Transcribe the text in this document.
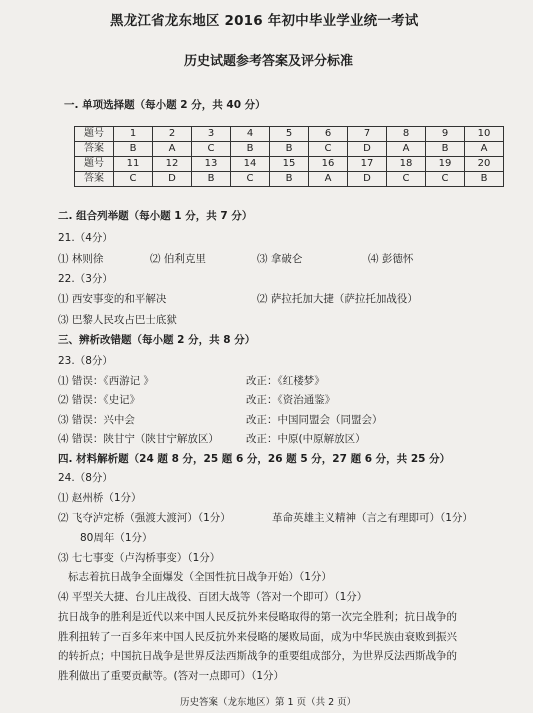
黑龙江省龙东地区 2016 年初中毕业学业统一考试
历史试题参考答案及评分标准
一. 单项选择题（每小题 2 分，共 40 分）
题号	1	2	3	4	5	6	7	8	9	10
答案	B	A	C	B	B	C	D	A	B	A
题号	11	12	13	14	15	16	17	18	19	20
答案	C	D	B	C	B	A	D	C	C	B
二. 组合列举题（每小题 1 分，共 7 分）
21.（4分）
⑴ 林则徐	⑵ 伯利克里	⑶ 拿破仑	⑷ 彭德怀
22.（3分）
⑴ 西安事变的和平解决	⑵ 萨拉托加大捷（萨拉托加战役）
⑶ 巴黎人民攻占巴士底狱
三、辨析改错题（每小题 2 分，共 8 分）
23.（8分）
⑴ 错误：《西游记 》	改正：《红楼梦》
⑵ 错误：《史记》	改正：《资治通鉴》
⑶ 错误：兴中会	改正：中国同盟会（同盟会）
⑷ 错误：陕甘宁（陕甘宁解放区）	改正：中原(中原解放区）
四. 材料解析题（24 题 8 分，25 题 6 分，26 题 5 分，27 题 6 分，共 25 分）
24.（8分）
⑴ 赵州桥（1分）
⑵ 飞夺泸定桥（强渡大渡河）（1分）	革命英雄主义精神（言之有理即可）（1分）
80周年（1分）
⑶ 七七事变（卢沟桥事变）（1分）
标志着抗日战争全面爆发（全国性抗日战争开始）（1分）
⑷ 平型关大捷、台儿庄战役、百团大战等（答对一个即可）（1分）
抗日战争的胜利是近代以来中国人民反抗外来侵略取得的第一次完全胜利；抗日战争的
胜利扭转了一百多年来中国人民反抗外来侵略的屡败局面，成为中华民族由衰败到振兴
的转折点；中国抗日战争是世界反法西斯战争的重要组成部分，为世界反法西斯战争的
胜利做出了重要贡献等。(答对一点即可）（1分）
历史答案（龙东地区）第 1 页（共 2 页）
